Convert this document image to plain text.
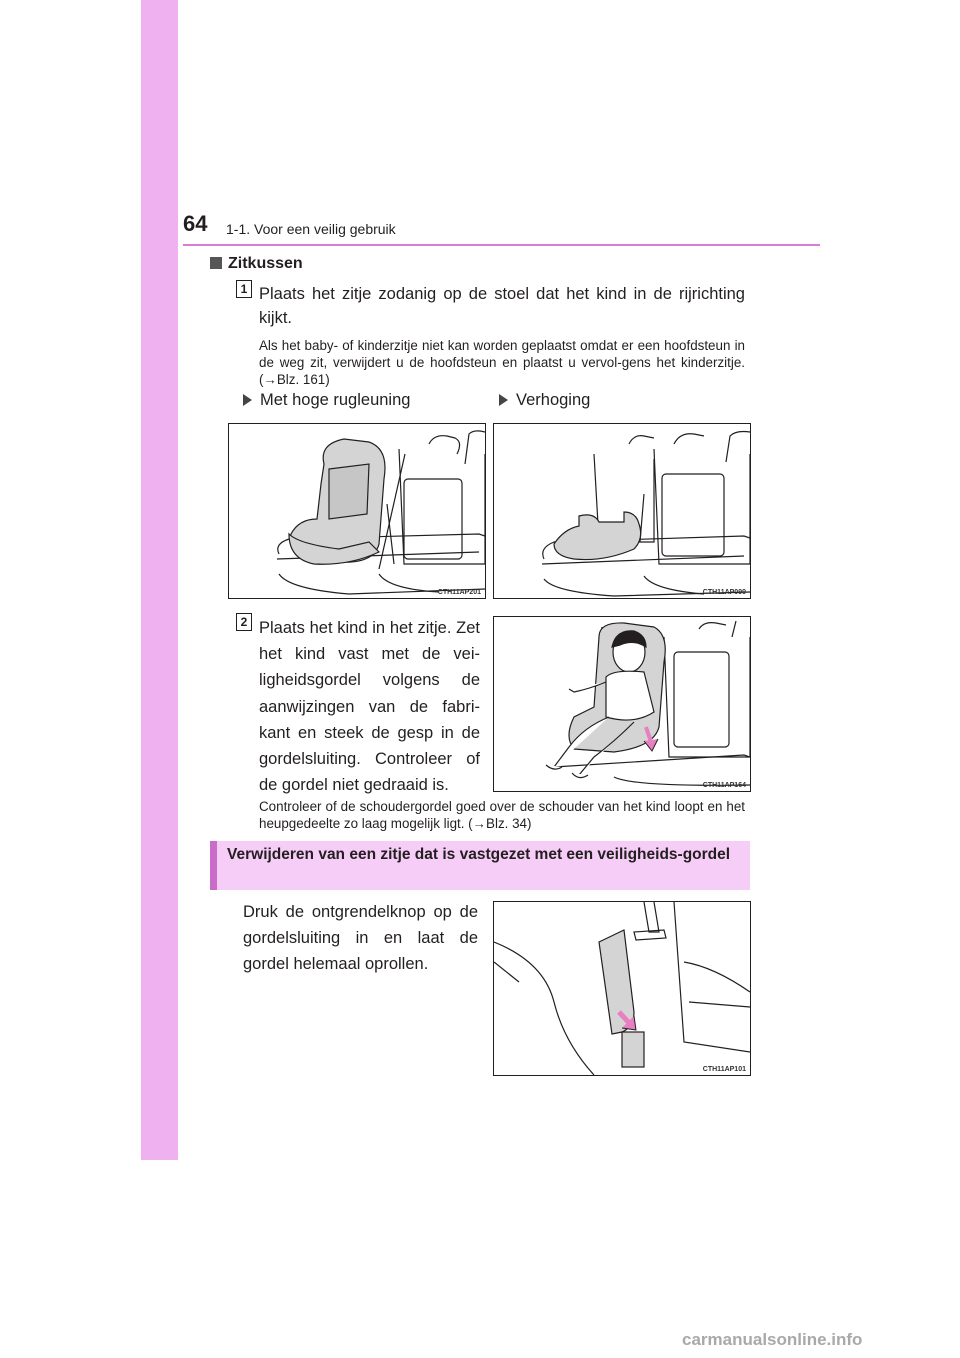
64 1-1. Voor een veilig gebruik
Zitkussen
1 Plaats het zitje zodanig op de stoel dat het kind in de rijrichting kijkt.
Als het baby- of kinderzitje niet kan worden geplaatst omdat er een hoofdsteun in de weg zit, verwijdert u de hoofdsteun en plaatst u vervol-gens het kinderzitje. (→Blz. 161)
Met hoge rugleuning	Verhoging
CTH11AP201	CTH11AP099
2 Plaats het kind in het zitje. Zet het kind vast met de vei-ligheidsgordel volgens de aanwijzingen van de fabri-kant en steek de gesp in de gordelsluiting. Controleer of de gordel niet gedraaid is.	CTH11AP164
Controleer of de schoudergordel goed over de schouder van het kind loopt en het heupgedeelte zo laag mogelijk ligt. (→Blz. 34)
Verwijderen van een zitje dat is vastgezet met een veiligheids-gordel
Druk de ontgrendelknop op de gordelsluiting in en laat de gordel helemaal oprollen.
CTH11AP101
carmanualsonline.info
